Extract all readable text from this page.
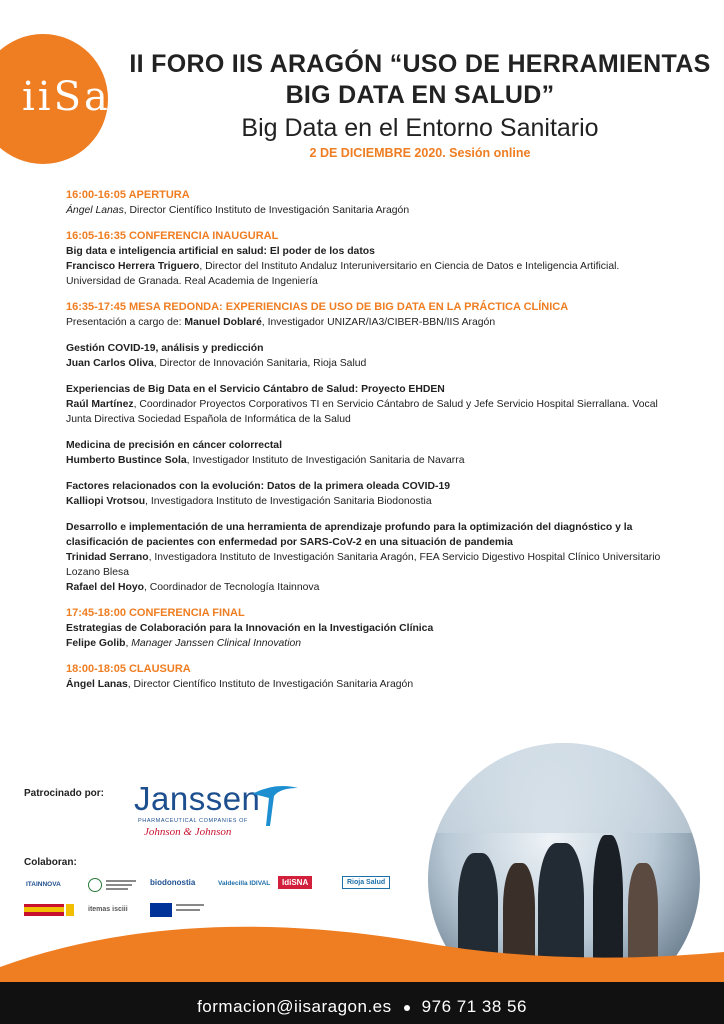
iiSa.
II FORO IIS ARAGÓN “USO DE HERRAMIENTAS
BIG DATA EN SALUD”
Big Data en el Entorno Sanitario
2 DE DICIEMBRE 2020. Sesión online

16:00-16:05 APERTURA

Ángel Lanas, Director Científico Instituto de Investigación Sanitaria Aragón

16:05-16:35 CONFERENCIA INAUGURAL

Big data e inteligencia artificial en salud: El poder de los datos

Francisco Herrera Triguero, Director del Instituto Andaluz Interuniversitario en Ciencia de Datos e Inteligencia Artificial. Universidad de Granada. Real Academia de Ingeniería

16:35-17:45 MESA REDONDA: EXPERIENCIAS DE USO DE BIG DATA EN LA PRÁCTICA CLÍNICA

Presentación a cargo de: Manuel Doblaré, Investigador UNIZAR/IA3/CIBER-BBN/IIS Aragón

Gestión COVID-19, análisis y predicción

Juan Carlos Oliva, Director de Innovación Sanitaria, Rioja Salud

Experiencias de Big Data en el Servicio Cántabro de Salud: Proyecto EHDEN

Raúl Martínez, Coordinador Proyectos Corporativos TI en Servicio Cántabro de Salud y Jefe Servicio Hospital Sierrallana. Vocal Junta Directiva Sociedad Española de Informática de la Salud

Medicina de precisión en cáncer colorrectal

Humberto Bustince Sola, Investigador Instituto de Investigación Sanitaria de Navarra

Factores relacionados con la evolución: Datos de la primera oleada COVID-19

Kalliopi Vrotsou, Investigadora Instituto de Investigación Sanitaria Biodonostia

Desarrollo e implementación de una herramienta de aprendizaje profundo para la optimización del diagnóstico y la clasificación de pacientes con enfermedad por SARS-CoV-2 en una situación de pandemia

Trinidad Serrano, Investigadora Instituto de Investigación Sanitaria Aragón, FEA Servicio Digestivo Hospital Clínico Universitario Lozano Blesa

Rafael del Hoyo, Coordinador de Tecnología Itainnova

17:45-18:00 CONFERENCIA FINAL

Estrategias de Colaboración para la Innovación en la Investigación Clínica

Felipe Golib, Manager Janssen Clinical Innovation

18:00-18:05 CLAUSURA

Ángel Lanas, Director Científico Instituto de Investigación Sanitaria Aragón

Patrocinado por: Janssen
PHARMACEUTICAL COMPANIES OF
Johnson & Johnson
Colaboran:
ITAINNOVA	biodonostia	Valdecilla IDIVAL	IdiSNA	Rioja Salud
itemas isciii
formacion@iisaragon.es 976 71 38 56
